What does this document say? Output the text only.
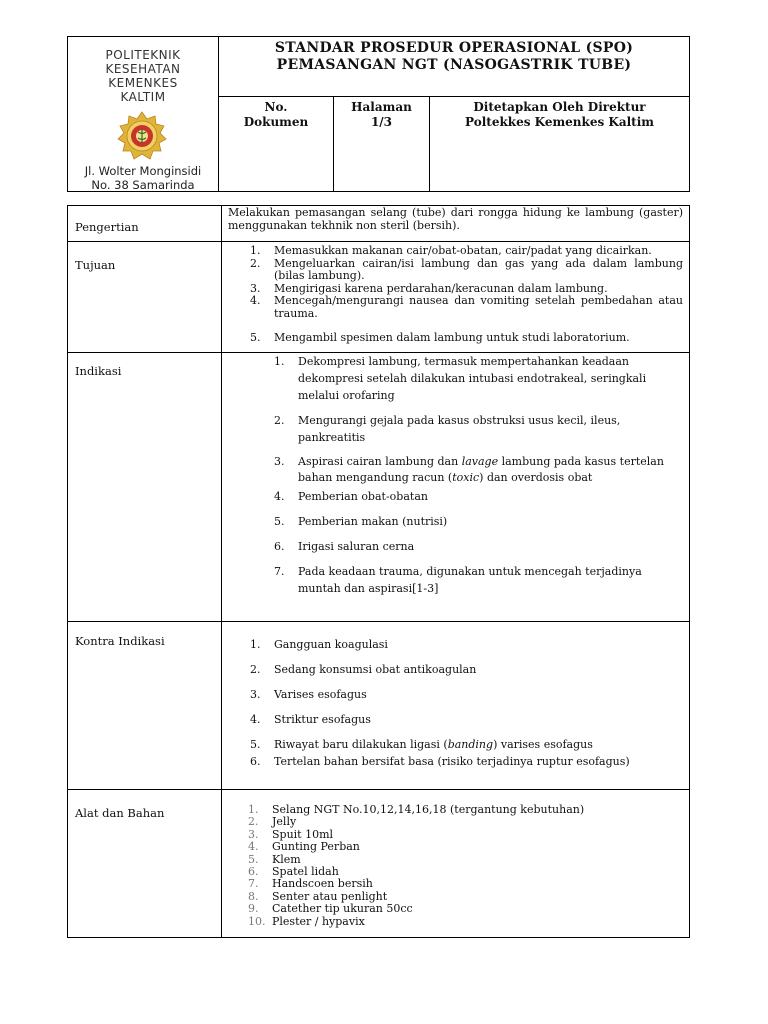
POLITEKNIK
KESEHATAN
KEMENKES
KALTIM
Jl. Wolter Monginsidi
No. 38 Samarinda
STANDAR PROSEDUR OPERASIONAL (SPO)
PEMASANGAN NGT (NASOGASTRIK TUBE)
No.
Dokumen
Halaman
1/3
Ditetapkan Oleh Direktur
Poltekkes Kemenkes Kaltim
Pengertian
Melakukan pemasangan selang (tube) dari rongga hidung ke lambung (gaster) menggunakan tekhnik non steril (bersih).
Tujuan
1. Memasukkan makanan cair/obat-obatan, cair/padat yang dicairkan.
2. Mengeluarkan cairan/isi lambung dan gas yang ada dalam lambung (bilas lambung).
3. Mengirigasi karena perdarahan/keracunan dalam lambung.
4. Mencegah/mengurangi nausea dan vomiting setelah pembedahan atau trauma.
5. Mengambil spesimen dalam lambung untuk studi laboratorium.
Indikasi
1. Dekompresi lambung, termasuk mempertahankan keadaan dekompresi setelah dilakukan intubasi endotrakeal, seringkali melalui orofaring
2. Mengurangi gejala pada kasus obstruksi usus kecil, ileus, pankreatitis
3. Aspirasi cairan lambung dan lavage lambung pada kasus tertelan bahan mengandung racun (toxic) dan overdosis obat
4. Pemberian obat-obatan
5. Pemberian makan (nutrisi)
6. Irigasi saluran cerna
7. Pada keadaan trauma, digunakan untuk mencegah terjadinya muntah dan aspirasi[1-3]
Kontra Indikasi	1. Gangguan koagulasi
2. Sedang konsumsi obat antikoagulan
3. Varises esofagus
4. Striktur esofagus
5. Riwayat baru dilakukan ligasi (banding) varises esofagus
6. Tertelan bahan bersifat basa (risiko terjadinya ruptur esofagus)
Alat dan Bahan	1. Selang NGT No.10,12,14,16,18 (tergantung kebutuhan)
2. Jelly
3. Spuit 10ml
4. Gunting Perban
5. Klem
6. Spatel lidah
7. Handscoen bersih
8. Senter atau penlight
9. Catether tip ukuran 50cc
10. Plester / hypavix
